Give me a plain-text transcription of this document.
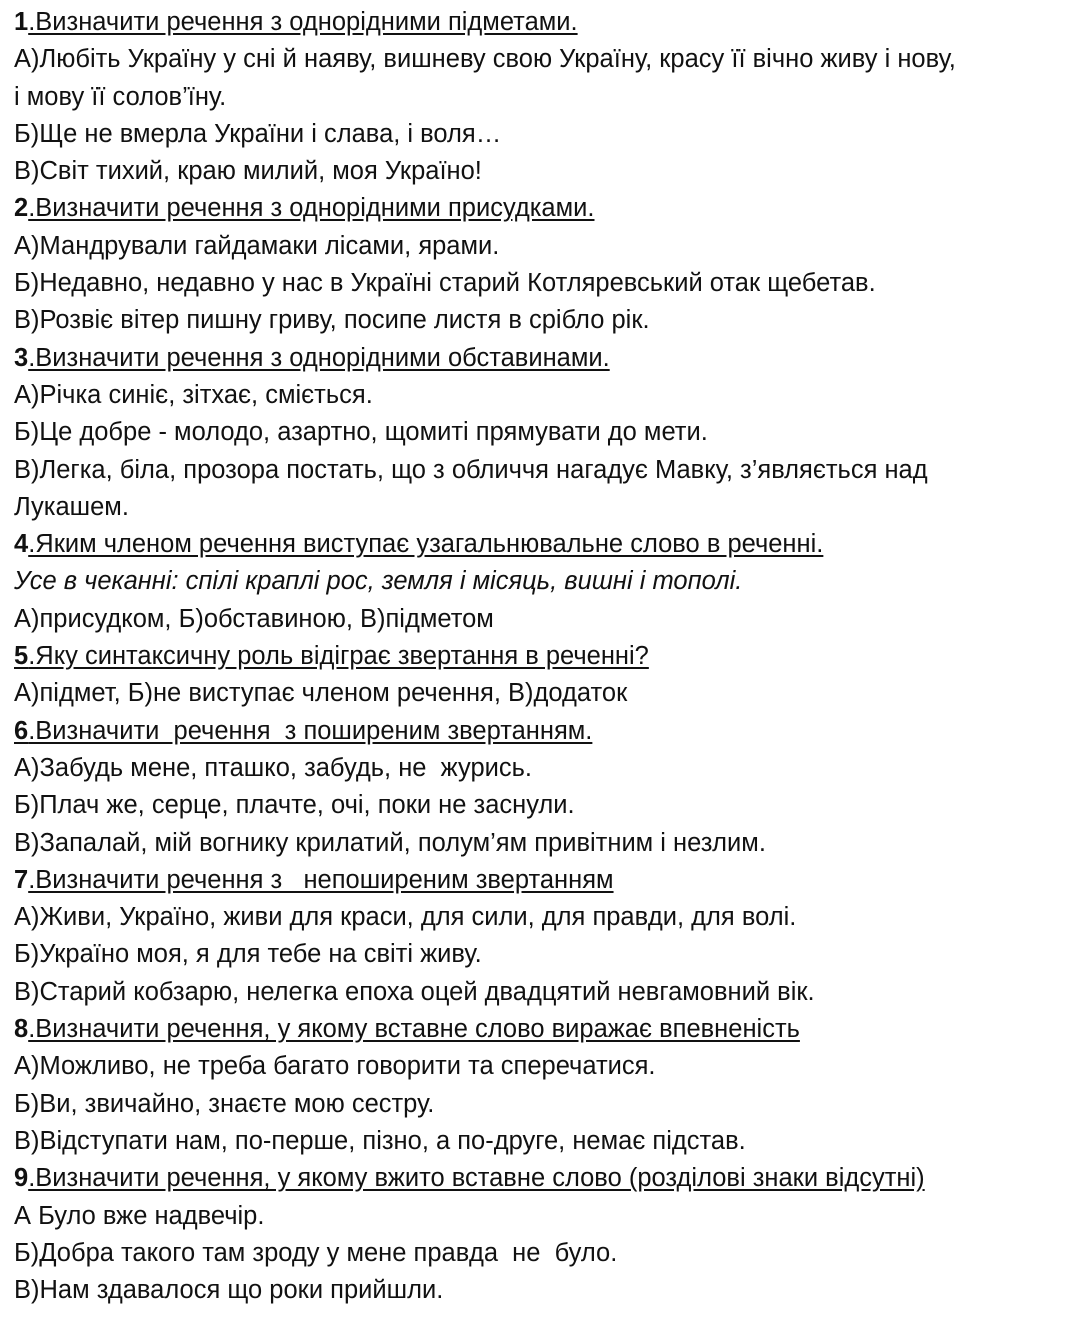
1.Визначити речення з однорідними підметами.

А)Любіть Україну у сні й наяву, вишневу свою Україну, красу її вічно живу і нову,

і мову її солов’їну.

Б)Ще не вмерла України і слава, і воля…

В)Світ тихий, краю милий, моя Україно!

2.Визначити речення з однорідними присудками.

А)Мандрували гайдамаки лісами, ярами.

Б)Недавно, недавно у нас в Україні старий Котляревський отак щебетав.

В)Розвіє вітер пишну гриву, посипе листя в срібло рік.

3.Визначити речення з однорідними обставинами.

А)Річка синіє, зітхає, сміється.

Б)Це добре - молодо, азартно, щомиті прямувати до мети.

В)Легка, біла, прозора постать, що з обличчя нагадує Мавку, з’являється над

Лукашем.

4.Яким членом речення виступає узагальнювальне слово в реченні.

Усе в чеканні: спілі краплі рос, земля і місяць, вишні і тополі.

А)присудком, Б)обставиною, В)підметом

5.Яку синтаксичну роль відіграє звертання в реченні?

А)підмет, Б)не виступає членом речення, В)додаток

6.Визначити  речення  з поширеним звертанням.

А)Забудь мене, пташко, забудь, не  журись.

Б)Плач же, серце, плачте, очі, поки не заснули.

В)Запалай, мій вогнику крилатий, полум’ям привітним і незлим.

7.Визначити речення з   непоширеним звертанням

А)Живи, Україно, живи для краси, для сили, для правди, для волі.

Б)Україно моя, я для тебе на світі живу.

В)Старий кобзарю, нелегка епоха оцей двадцятий невгамовний вік.

8.Визначити речення, у якому вставне слово виражає впевненість

А)Можливо, не треба багато говорити та сперечатися.

Б)Ви, звичайно, знаєте мою сестру.

В)Відступати нам, по-перше, пізно, а по-друге, немає підстав.

9.Визначити речення, у якому вжито вставне слово (розділові знаки відсутні)

А Було вже надвечір.

Б)Добра такого там зроду у мене правда  не  було.

В)Нам здавалося що роки прийшли.
